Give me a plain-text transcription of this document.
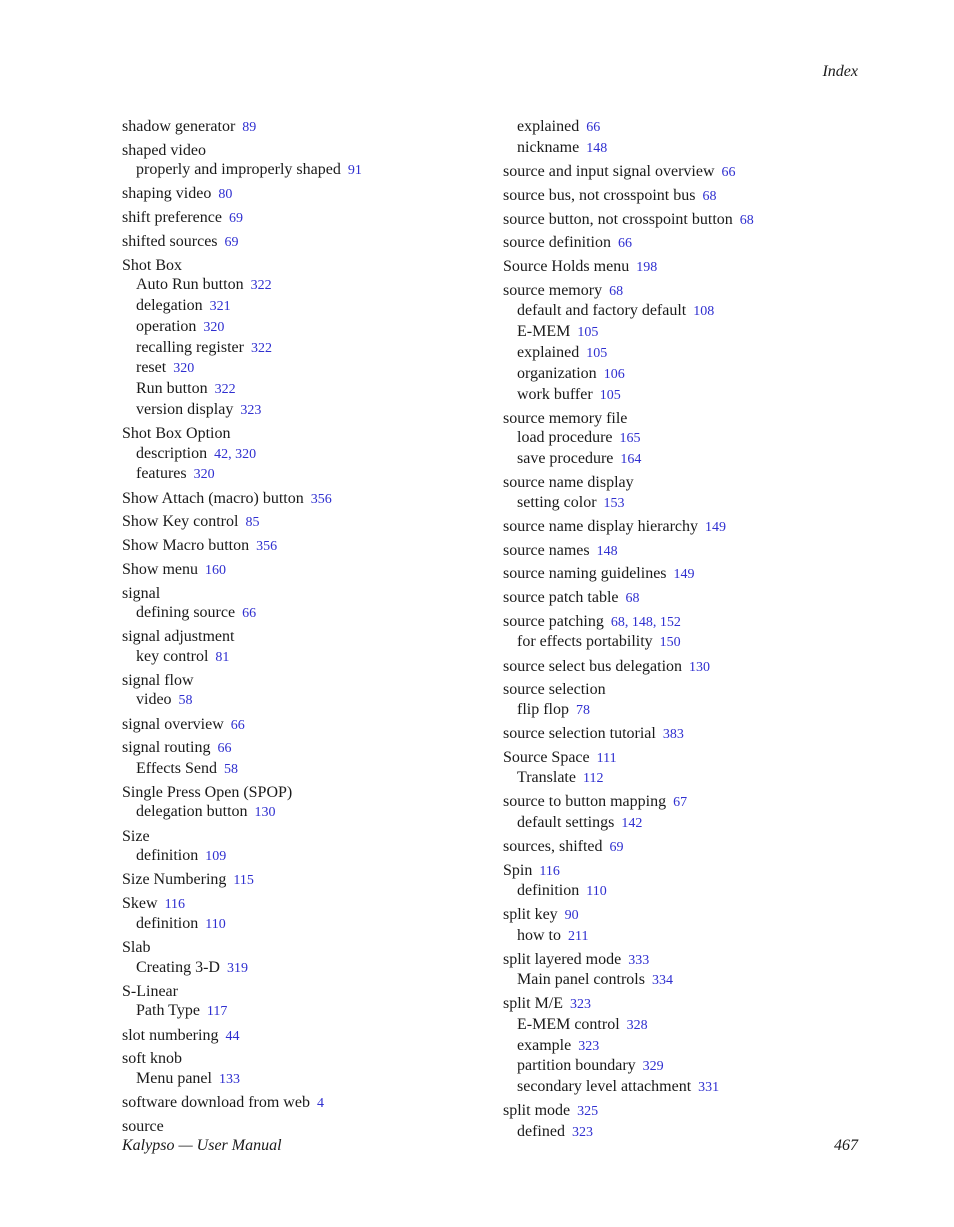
Index
shadow generator 89
shaped video
properly and improperly shaped 91
shaping video 80
shift preference 69
shifted sources 69
Shot Box
Auto Run button 322
delegation 321
operation 320
recalling register 322
reset 320
Run button 322
version display 323
Shot Box Option
description 42, 320
features 320
Show Attach (macro) button 356
Show Key control 85
Show Macro button 356
Show menu 160
signal
defining source 66
signal adjustment
key control 81
signal flow
video 58
signal overview 66
signal routing 66
Effects Send 58
Single Press Open (SPOP)
delegation button 130
Size
definition 109
Size Numbering 115
Skew 116
definition 110
Slab
Creating 3-D 319
S-Linear
Path Type 117
slot numbering 44
soft knob
Menu panel 133
software download from web 4
source
explained 66
nickname 148
source and input signal overview 66
source bus, not crosspoint bus 68
source button, not crosspoint button 68
source definition 66
Source Holds menu 198
source memory 68
default and factory default 108
E-MEM 105
explained 105
organization 106
work buffer 105
source memory file
load procedure 165
save procedure 164
source name display
setting color 153
source name display hierarchy 149
source names 148
source naming guidelines 149
source patch table 68
source patching 68, 148, 152
for effects portability 150
source select bus delegation 130
source selection
flip flop 78
source selection tutorial 383
Source Space 111
Translate 112
source to button mapping 67
default settings 142
sources, shifted 69
Spin 116
definition 110
split key 90
how to 211
split layered mode 333
Main panel controls 334
split M/E 323
E-MEM control 328
example 323
partition boundary 329
secondary level attachment 331
split mode 325
defined 323
Kalypso — User Manual	467
